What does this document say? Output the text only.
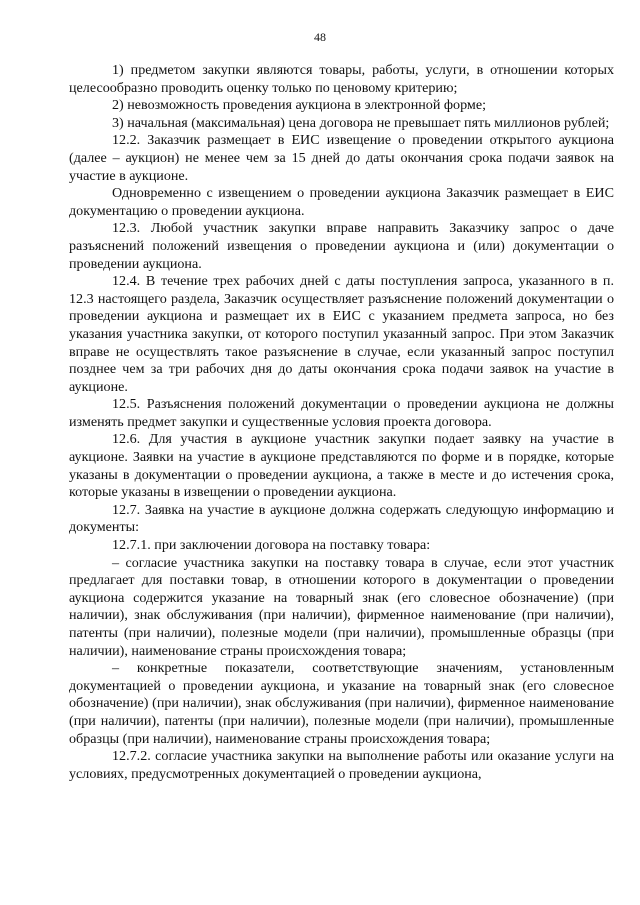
48

1) предметом закупки являются товары, работы, услуги, в отношении которых целесообразно проводить оценку только по ценовому критерию;

2) невозможность проведения аукциона в электронной форме;

3) начальная (максимальная) цена договора не превышает пять миллионов рублей;

12.2. Заказчик размещает в ЕИС извещение о проведении открытого аукциона (далее – аукцион) не менее чем за 15 дней до даты окончания срока подачи заявок на участие в аукционе.

Одновременно с извещением о проведении аукциона Заказчик размещает в ЕИС документацию о проведении аукциона.

12.3. Любой участник закупки вправе направить Заказчику запрос о даче разъяснений положений извещения о проведении аукциона и (или) документации о проведении аукциона.

12.4. В течение трех рабочих дней с даты поступления запроса, указанного в п. 12.3 настоящего раздела, Заказчик осуществляет разъяснение положений документации о проведении аукциона и размещает их в ЕИС с указанием предмета запроса, но без указания участника закупки, от которого поступил указанный запрос. При этом Заказчик вправе не осуществлять такое разъяснение в случае, если указанный запрос поступил позднее чем за три рабочих дня до даты окончания срока подачи заявок на участие в аукционе.

12.5. Разъяснения положений документации о проведении аукциона не должны изменять предмет закупки и существенные условия проекта договора.

12.6. Для участия в аукционе участник закупки подает заявку на участие в аукционе. Заявки на участие в аукционе представляются по форме и в порядке, которые указаны в документации о проведении аукциона, а также в месте и до истечения срока, которые указаны в извещении о проведении аукциона.

12.7. Заявка на участие в аукционе должна содержать следующую информацию и документы:

12.7.1. при заключении договора на поставку товара:

– согласие участника закупки на поставку товара в случае, если этот участник предлагает для поставки товар, в отношении которого в документации о проведении аукциона содержится указание на товарный знак (его словесное обозначение) (при наличии), знак обслуживания (при наличии), фирменное наименование (при наличии), патенты (при наличии), полезные модели (при наличии), промышленные образцы (при наличии), наименование страны происхождения товара;

– конкретные показатели, соответствующие значениям, установленным документацией о проведении аукциона, и указание на товарный знак (его словесное обозначение) (при наличии), знак обслуживания (при наличии), фирменное наименование (при наличии), патенты (при наличии), полезные модели (при наличии), промышленные образцы (при наличии), наименование страны происхождения товара;

12.7.2. согласие участника закупки на выполнение работы или оказание услуги на условиях, предусмотренных документацией о проведении аукциона,
